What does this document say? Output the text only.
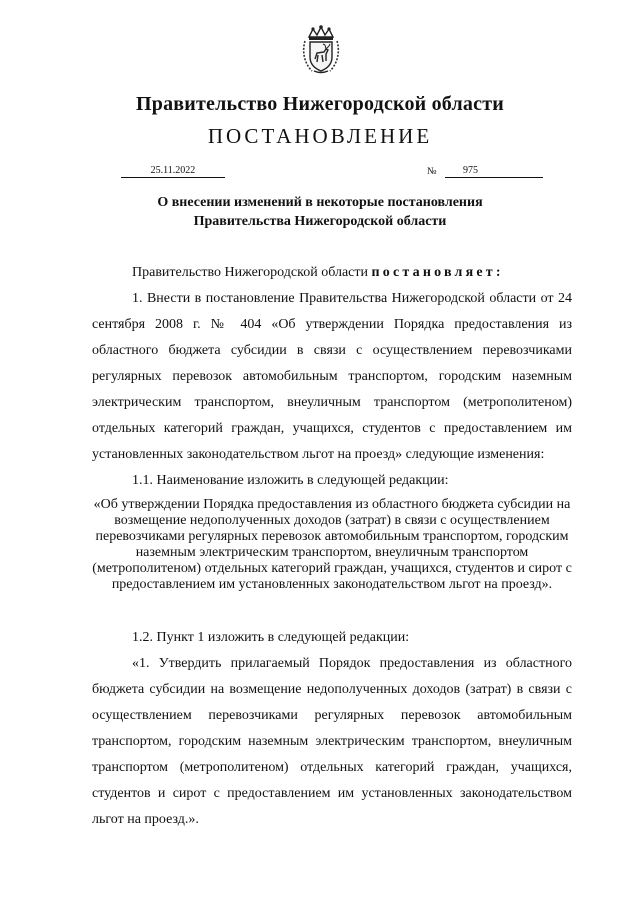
Правительство Нижегородской области
ПОСТАНОВЛЕНИЕ
25.11.2022	№	975
О внесении изменений в некоторые постановления
Правительства Нижегородской области
Правительство Нижегородской области постановляет:
1. Внести в постановление Правительства Нижегородской области от 24 сентября 2008 г. № 404 «Об утверждении Порядка предоставления из областного бюджета субсидии в связи с осуществлением перевозчиками регулярных перевозок автомобильным транспортом, городским наземным электрическим транспортом, внеуличным транспортом (метрополитеном) отдельных категорий граждан, учащихся, студентов с предоставлением им установленных законодательством льгот на проезд» следующие изменения:
1.1. Наименование изложить в следующей редакции:
«Об утверждении Порядка предоставления из областного бюджета субсидии на возмещение недополученных доходов (затрат) в связи с осуществлением перевозчиками регулярных перевозок автомобильным транспортом, городским наземным электрическим транспортом, внеуличным транспортом (метрополитеном) отдельных категорий граждан, учащихся, студентов и сирот с предоставлением им установленных законодательством льгот на проезд».
1.2. Пункт 1 изложить в следующей редакции:
«1. Утвердить прилагаемый Порядок предоставления из областного бюджета субсидии на возмещение недополученных доходов (затрат) в связи с осуществлением перевозчиками регулярных перевозок автомобильным транспортом, городским наземным электрическим транспортом, внеуличным транспортом (метрополитеном) отдельных категорий граждан, учащихся, студентов и сирот с предоставлением им установленных законодательством льгот на проезд.».
